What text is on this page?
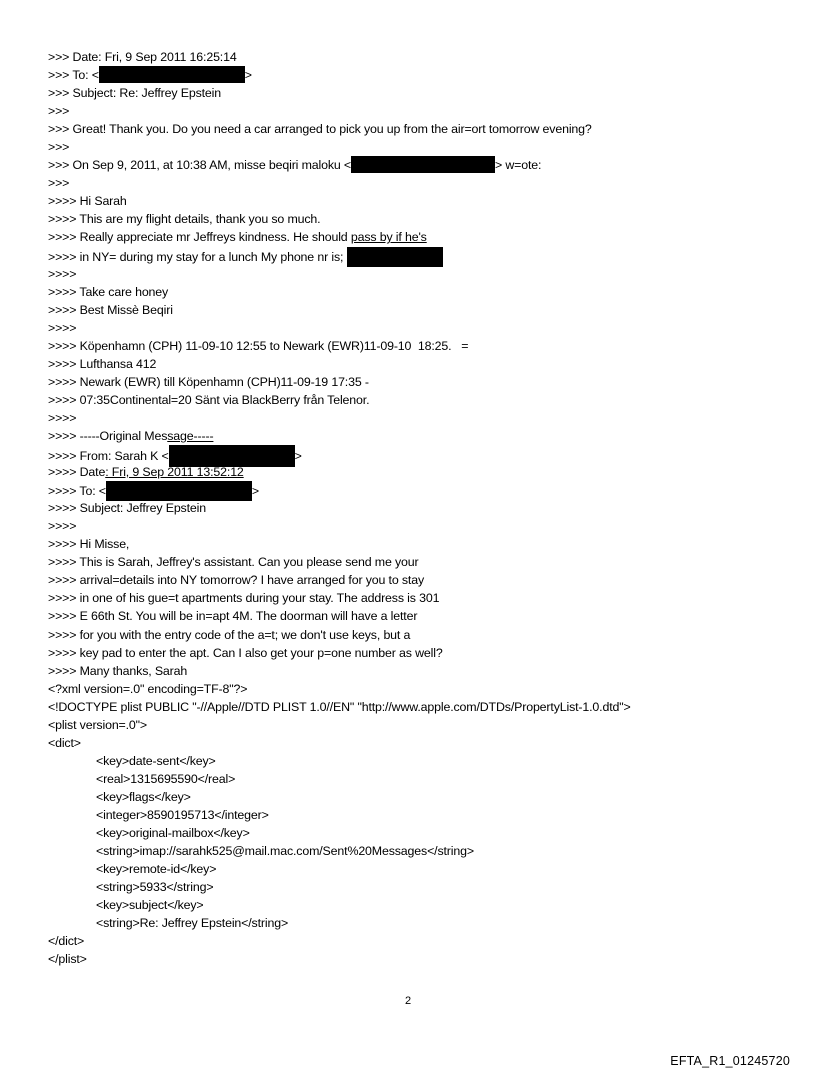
>>> Date: Fri, 9 Sep 2011 16:25:14
>>> To: <	>
>>> Subject: Re: Jeffrey Epstein
>>>
>>> Great! Thank you. Do you need a car arranged to pick you up from the air=ort tomorrow evening?
>>>
>>> On Sep 9, 2011, at 10:38 AM, misse beqiri maloku <	> w=ote:
>>>
>>>> Hi Sarah
>>>> This are my flight details, thank you so much.
>>>> Really appreciate mr Jeffreys kindness. He should pass by if he's
>>>> in NY= during my stay for a lunch My phone nr is;
>>>>
>>>> Take care honey
>>>> Best Missè Beqiri
>>>>
>>>> Köpenhamn (CPH) 11-09-10 12:55 to Newark (EWR)11-09-10  18:25.   =
>>>> Lufthansa 412
>>>> Newark (EWR) till Köpenhamn (CPH)11-09-19 17:35 -
>>>> 07:35Continental=20 Sänt via BlackBerry från Telenor.
>>>>
>>>> -----Original Message-----
>>>> From: Sarah K <	>
>>>> Date: Fri, 9 Sep 2011 13:52:12
>>>> To: <	>
>>>> Subject: Jeffrey Epstein
>>>>
>>>> Hi Misse,
>>>> This is Sarah, Jeffrey's assistant. Can you please send me your
>>>> arrival=details into NY tomorrow? I have arranged for you to stay
>>>> in one of his gue=t apartments during your stay. The address is 301
>>>> E 66th St. You will be in=apt 4M. The doorman will have a letter
>>>> for you with the entry code of the a=t; we don't use keys, but a
>>>> key pad to enter the apt. Can I also get your p=one number as well?
>>>> Many thanks, Sarah
<?xml version=.0" encoding=TF-8"?>
<!DOCTYPE plist PUBLIC "-//Apple//DTD PLIST 1.0//EN" "http://www.apple.com/DTDs/PropertyList-1.0.dtd">
<plist version=.0">
<dict>
<key>date-sent</key>
<real>1315695590</real>
<key>flags</key>
<integer>8590195713</integer>
<key>original-mailbox</key>
<string>imap://sarahk525@mail.mac.com/Sent%20Messages</string>
<key>remote-id</key>
<string>5933</string>
<key>subject</key>
<string>Re: Jeffrey Epstein</string>
</dict>
</plist>
2
EFTA_R1_01245720
